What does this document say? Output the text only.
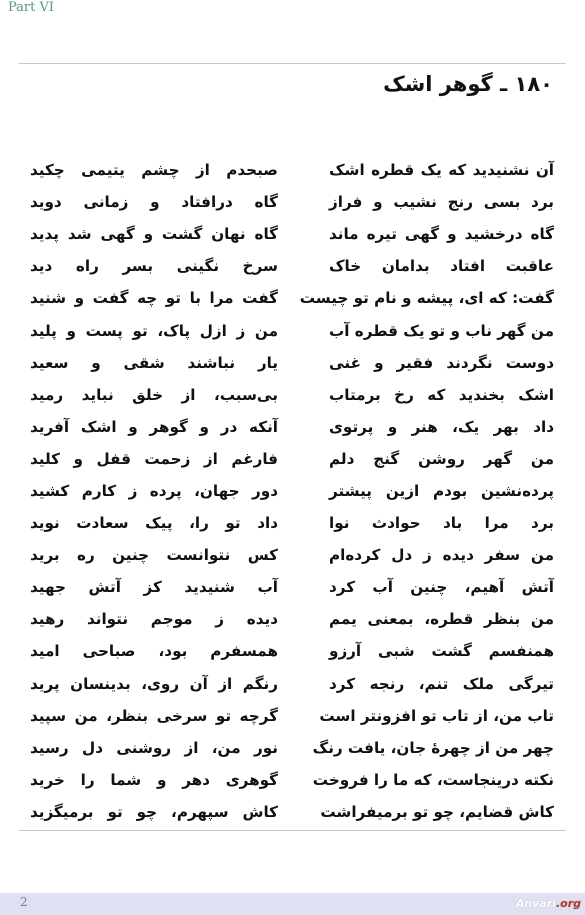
Part VI
۱۸۰ ـ گوهر اشک
آن نشنیدید که یک قطره اشک
صبحدم از چشم یتیمی چکید
برد بسی رنج نشیب و فراز
گاه درافتاد و زمانی دوید
گاه درخشید و گهی تیره ماند
گاه نهان گشت و گهی شد پدید
عاقبت افتاد بدامان خاک
سرخ نگینی بسر راه دید
گفت: که ای، پیشه و نام تو چیست
گفت مرا با تو چه گفت و شنید
من گهر ناب و تو یک قطره آب
من ز ازل پاک، تو پست و پلید
دوست نگردند فقیر و غنی
یار نباشند شقی و سعید
اشک بخندید که رخ برمتاب
بی‌سبب، از خلق نباید رمید
داد بهر یک، هنر و پرتوی
آنکه در و گوهر و اشک آفرید
من گهر روشن گنج دلم
فارغم از زحمت قفل و کلید
پرده‌نشین بودم ازین پیشتر
دور جهان، پرده ز کارم کشید
برد مرا باد حوادث نوا
داد تو را، پیک سعادت نوید
من سفر دیده ز دل کرده‌ام
کس نتوانست چنین ره برید
آتش آهیم، چنین آب کرد
آب شنیدید کز آتش جهید
من بنظر قطره، بمعنی یمم
دیده ز موجم نتواند رهید
همنفسم گشت شبی آرزو
همسفرم بود، صباحی امید
تیرگی ملک تنم، رنجه کرد
رنگم از آن روی، بدینسان پرید
تاب من، از تاب تو افزونتر است
گرچه تو سرخی بنظر، من سپید
چهر من از چهرهٔ جان، یافت رنگ
نور من، از روشنی دل رسید
نکته درینجاست، که ما را فروخت
گوهری دهر و شما را خرید
کاش قضایم، چو تو برمیفراشت
کاش سپهرم، چو تو برمیگزید
2	Anvari.org
